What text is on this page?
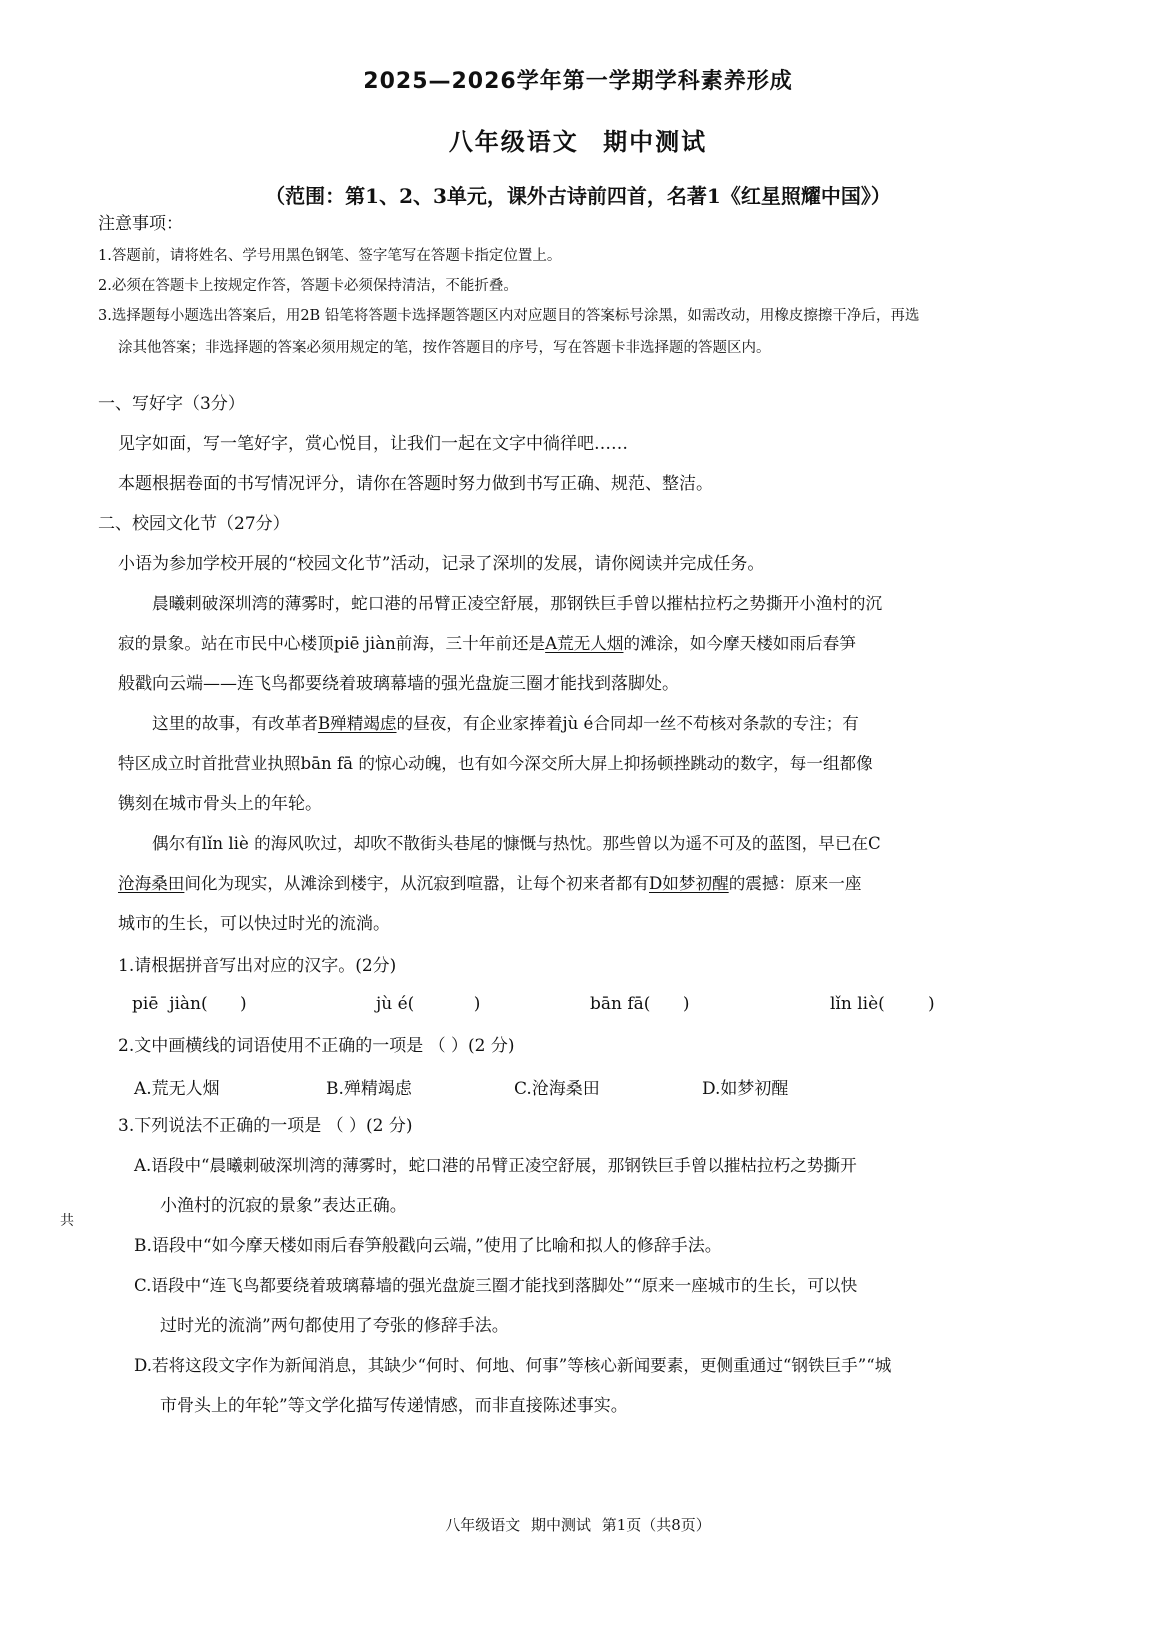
2025—2026学年第一学期学科素养形成
八年级语文 期中测试
（范围：第1、2、3单元，课外古诗前四首，名著1《红星照耀中国》）
注意事项：
1.答题前，请将姓名、学号用黑色钢笔、签字笔写在答题卡指定位置上。
2.必须在答题卡上按规定作答，答题卡必须保持清洁，不能折叠。
3.选择题每小题选出答案后，用2B 铅笔将答题卡选择题答题区内对应题目的答案标号涂黑，如需改动，用橡皮擦擦干净后，再选
涂其他答案；非选择题的答案必须用规定的笔，按作答题目的序号，写在答题卡非选择题的答题区内。
一、写好字（3分）
见字如面，写一笔好字，赏心悦目，让我们一起在文字中徜徉吧……
本题根据卷面的书写情况评分，请你在答题时努力做到书写正确、规范、整洁。
二、校园文化节（27分）
小语为参加学校开展的“校园文化节”活动，记录了深圳的发展，请你阅读并完成任务。
晨曦刺破深圳湾的薄雾时，蛇口港的吊臂正凌空舒展，那钢铁巨手曾以摧枯拉朽之势撕开小渔村的沉
寂的景象。站在市民中心楼顶piē jiàn前海，三十年前还是A荒无人烟的滩涂，如今摩天楼如雨后春笋
般戳向云端——连飞鸟都要绕着玻璃幕墙的强光盘旋三圈才能找到落脚处。
这里的故事，有改革者B殚精竭虑的昼夜，有企业家捧着jù é合同却一丝不苟核对条款的专注；有
特区成立时首批营业执照bān fā 的惊心动魄，也有如今深交所大屏上抑扬顿挫跳动的数字，每一组都像
镌刻在城市骨头上的年轮。
偶尔有lǐn liè 的海风吹过，却吹不散街头巷尾的慷慨与热忱。那些曾以为遥不可及的蓝图，早已在C
沧海桑田间化为现实，从滩涂到楼宇，从沉寂到喧嚣，让每个初来者都有D如梦初醒的震撼：原来一座
城市的生长，可以快过时光的流淌。
1.请根据拼音写出对应的汉字。(2分)
piē  jiàn(      )	jù é(           )	bān fā(      )	lǐn liè(        )
2.文中画横线的词语使用不正确的一项是 （ ）(2 分)
A.荒无人烟	B.殚精竭虑	C.沧海桑田	D.如梦初醒
3.下列说法不正确的一项是 （ ）(2 分)
A.语段中“晨曦刺破深圳湾的薄雾时，蛇口港的吊臂正凌空舒展，那钢铁巨手曾以摧枯拉朽之势撕开
小渔村的沉寂的景象”表达正确。
B.语段中“如今摩天楼如雨后春笋般戳向云端，”使用了比喻和拟人的修辞手法。
C.语段中“连飞鸟都要绕着玻璃幕墙的强光盘旋三圈才能找到落脚处”“原来一座城市的生长，可以快
过时光的流淌”两句都使用了夸张的修辞手法。
D.若将这段文字作为新闻消息，其缺少“何时、何地、何事”等核心新闻要素，更侧重通过“钢铁巨手”“城
市骨头上的年轮”等文学化描写传递情感，而非直接陈述事实。
共
八年级语文 期中测试 第1页（共8页）
